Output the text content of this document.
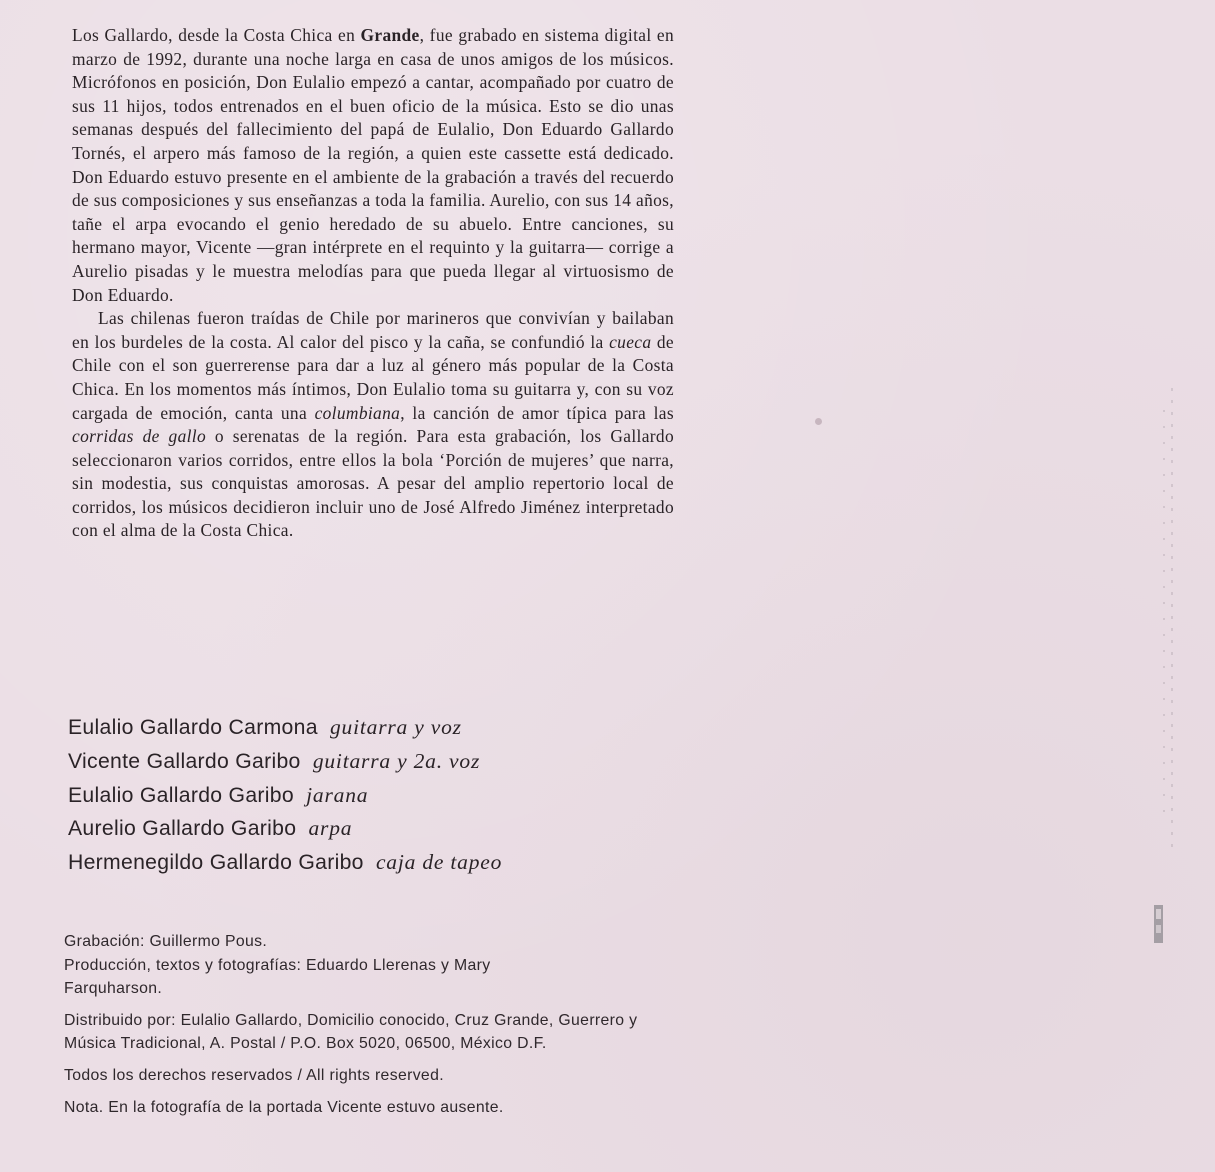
Los Gallardo, desde la Costa Chica en Grande, fue grabado en sistema digital en marzo de 1992, durante una noche larga en casa de unos amigos de los músicos. Micrófonos en posición, Don Eulalio empezó a cantar, acompañado por cuatro de sus 11 hijos, todos entrenados en el buen oficio de la música. Esto se dio unas semanas después del fallecimiento del papá de Eulalio, Don Eduardo Gallardo Tornés, el arpero más famoso de la región, a quien este cassette está dedicado. Don Eduardo estuvo presente en el ambiente de la grabación a través del recuerdo de sus composiciones y sus enseñanzas a toda la familia. Aurelio, con sus 14 años, tañe el arpa evocando el genio heredado de su abuelo. Entre canciones, su hermano mayor, Vicente —gran intérprete en el requinto y la guitarra— corrige a Aurelio pisadas y le muestra melodías para que pueda llegar al virtuosismo de Don Eduardo.

Las chilenas fueron traídas de Chile por marineros que convivían y bailaban en los burdeles de la costa. Al calor del pisco y la caña, se confundió la cueca de Chile con el son guerrerense para dar a luz al género más popular de la Costa Chica. En los momentos más íntimos, Don Eulalio toma su guitarra y, con su voz cargada de emoción, canta una columbiana, la canción de amor típica para las corridas de gallo o serenatas de la región. Para esta grabación, los Gallardo seleccionaron varios corridos, entre ellos la bola ‘Porción de mujeres’ que narra, sin modestia, sus conquistas amorosas. A pesar del amplio repertorio local de corridos, los músicos decidieron incluir uno de José Alfredo Jiménez interpretado con el alma de la Costa Chica.

Eulalio Gallardo Carmona guitarra y voz
Vicente Gallardo Garibo guitarra y 2a. voz
Eulalio Gallardo Garibo jarana
Aurelio Gallardo Garibo arpa
Hermenegildo Gallardo Garibo caja de tapeo

Grabación: Guillermo Pous.

Producción, textos y fotografías: Eduardo Llerenas y Mary Farquharson.

Distribuido por: Eulalio Gallardo, Domicilio conocido, Cruz Grande, Guerrero y Música Tradicional, A. Postal / P.O. Box 5020, 06500, México D.F.

Todos los derechos reservados / All rights reserved.

Nota. En la fotografía de la portada Vicente estuvo ausente.
